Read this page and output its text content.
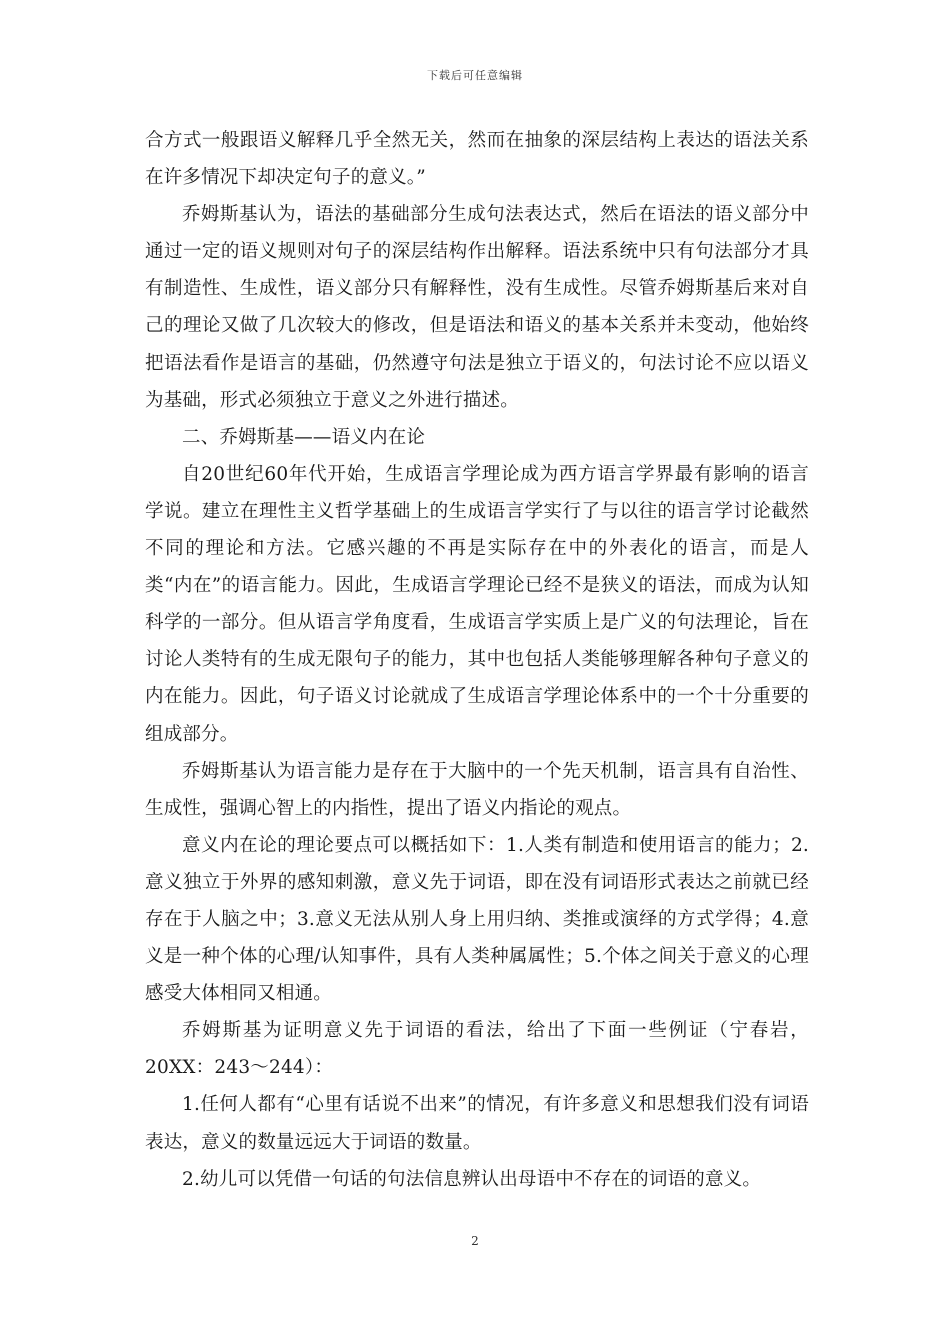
下载后可任意编辑

合方式一般跟语义解释几乎全然无关，然而在抽象的深层结构上表达的语法关系在许多情况下却决定句子的意义。”

乔姆斯基认为，语法的基础部分生成句法表达式，然后在语法的语义部分中通过一定的语义规则对句子的深层结构作出解释。语法系统中只有句法部分才具有制造性、生成性，语义部分只有解释性，没有生成性。尽管乔姆斯基后来对自己的理论又做了几次较大的修改，但是语法和语义的基本关系并未变动，他始终把语法看作是语言的基础，仍然遵守句法是独立于语义的，句法讨论不应以语义为基础，形式必须独立于意义之外进行描述。

二、乔姆斯基——语义内在论

自20世纪60年代开始，生成语言学理论成为西方语言学界最有影响的语言学说。建立在理性主义哲学基础上的生成语言学实行了与以往的语言学讨论截然不同的理论和方法。它感兴趣的不再是实际存在中的外表化的语言，而是人类“内在”的语言能力。因此，生成语言学理论已经不是狭义的语法，而成为认知科学的一部分。但从语言学角度看，生成语言学实质上是广义的句法理论，旨在讨论人类特有的生成无限句子的能力，其中也包括人类能够理解各种句子意义的内在能力。因此，句子语义讨论就成了生成语言学理论体系中的一个十分重要的组成部分。

乔姆斯基认为语言能力是存在于大脑中的一个先天机制，语言具有自治性、生成性，强调心智上的内指性，提出了语义内指论的观点。

意义内在论的理论要点可以概括如下：1.人类有制造和使用语言的能力；2.意义独立于外界的感知刺激，意义先于词语，即在没有词语形式表达之前就已经存在于人脑之中；3.意义无法从别人身上用归纳、类推或演绎的方式学得；4.意义是一种个体的心理/认知事件，具有人类种属属性；5.个体之间关于意义的心理感受大体相同又相通。

乔姆斯基为证明意义先于词语的看法，给出了下面一些例证（宁春岩，20XX：243～244）：

1.任何人都有“心里有话说不出来”的情况，有许多意义和思想我们没有词语表达，意义的数量远远大于词语的数量。

2.幼儿可以凭借一句话的句法信息辨认出母语中不存在的词语的意义。

2
